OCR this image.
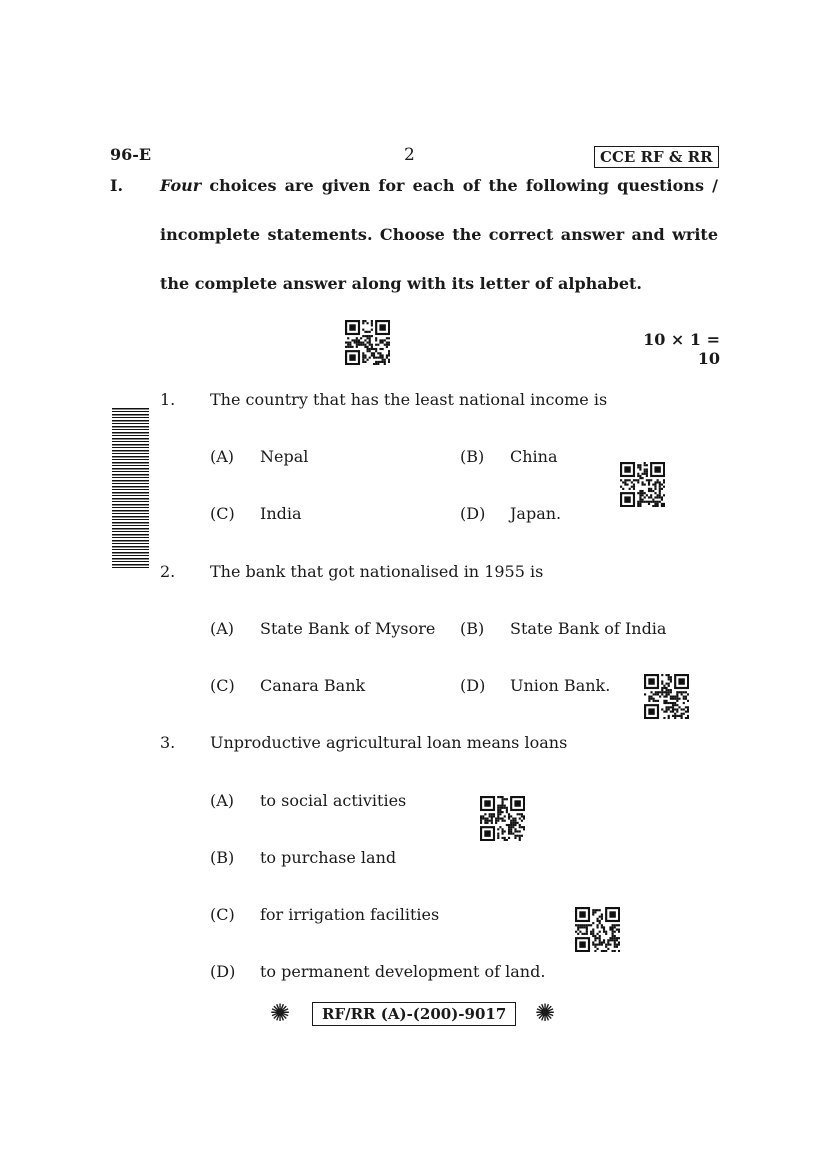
96-E	2	CCE RF & RR
I. Four choices are given for each of the following questions /
incomplete statements. Choose the correct answer and write
the complete answer along with its letter of alphabet.
10 × 1 = 10
1. The country that has the least national income is
(A) Nepal	(B) China
(C) India	(D) Japan.
2. The bank that got nationalised in 1955 is
(A) State Bank of Mysore (B) State Bank of India
(C) Canara Bank	(D) Union Bank.
3. Unproductive agricultural loan means loans
(A) to social activities
(B) to purchase land
(C) for irrigation facilities
(D) to permanent development of land.
✺	RF/RR (A)-(200)-9017	✺
